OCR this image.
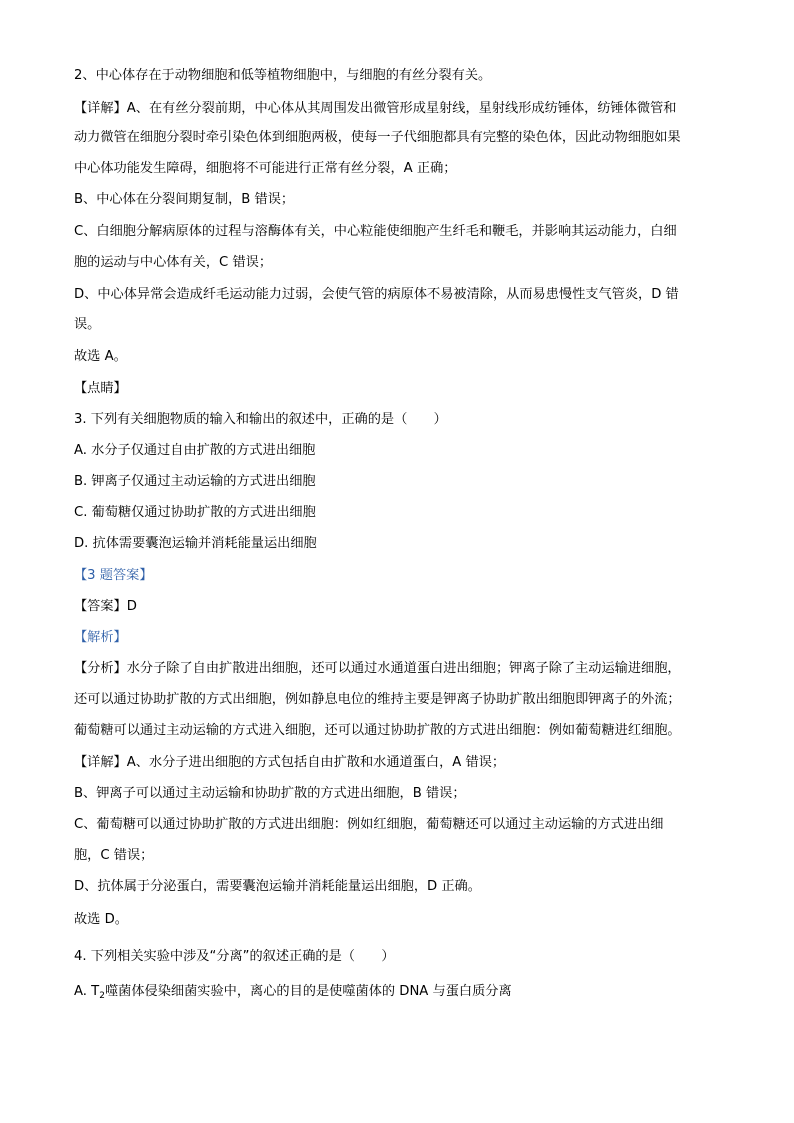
2、中心体存在于动物细胞和低等植物细胞中，与细胞的有丝分裂有关。
【详解】A、在有丝分裂前期，中心体从其周围发出微管形成星射线，星射线形成纺锤体，纺锤体微管和
动力微管在细胞分裂时牵引染色体到细胞两极，使每一子代细胞都具有完整的染色体，因此动物细胞如果
中心体功能发生障碍，细胞将不可能进行正常有丝分裂，A 正确；
B、中心体在分裂间期复制，B 错误；
C、白细胞分解病原体的过程与溶酶体有关，中心粒能使细胞产生纤毛和鞭毛，并影响其运动能力，白细
胞的运动与中心体有关，C 错误；
D、中心体异常会造成纤毛运动能力过弱，会使气管的病原体不易被清除，从而易患慢性支气管炎，D 错
误。
故选 A。
【点睛】
3. 下列有关细胞物质的输入和输出的叙述中，正确的是（　　）
A. 水分子仅通过自由扩散的方式进出细胞
B. 钾离子仅通过主动运输的方式进出细胞
C. 葡萄糖仅通过协助扩散的方式进出细胞
D. 抗体需要囊泡运输并消耗能量运出细胞
【3 题答案】
【答案】D
【解析】
【分析】水分子除了自由扩散进出细胞，还可以通过水通道蛋白进出细胞；钾离子除了主动运输进细胞，
还可以通过协助扩散的方式出细胞，例如静息电位的维持主要是钾离子协助扩散出细胞即钾离子的外流；
葡萄糖可以通过主动运输的方式进入细胞，还可以通过协助扩散的方式进出细胞：例如葡萄糖进红细胞。
【详解】A、水分子进出细胞的方式包括自由扩散和水通道蛋白，A 错误；
B、钾离子可以通过主动运输和协助扩散的方式进出细胞，B 错误；
C、葡萄糖可以通过协助扩散的方式进出细胞：例如红细胞，葡萄糖还可以通过主动运输的方式进出细
胞，C 错误；
D、抗体属于分泌蛋白，需要囊泡运输并消耗能量运出细胞，D 正确。
故选 D。
4. 下列相关实验中涉及“分离”的叙述正确的是（　　）
A. $T_2$噬菌体侵染细菌实验中，离心的目的是使噬菌体的 DNA 与蛋白质分离
